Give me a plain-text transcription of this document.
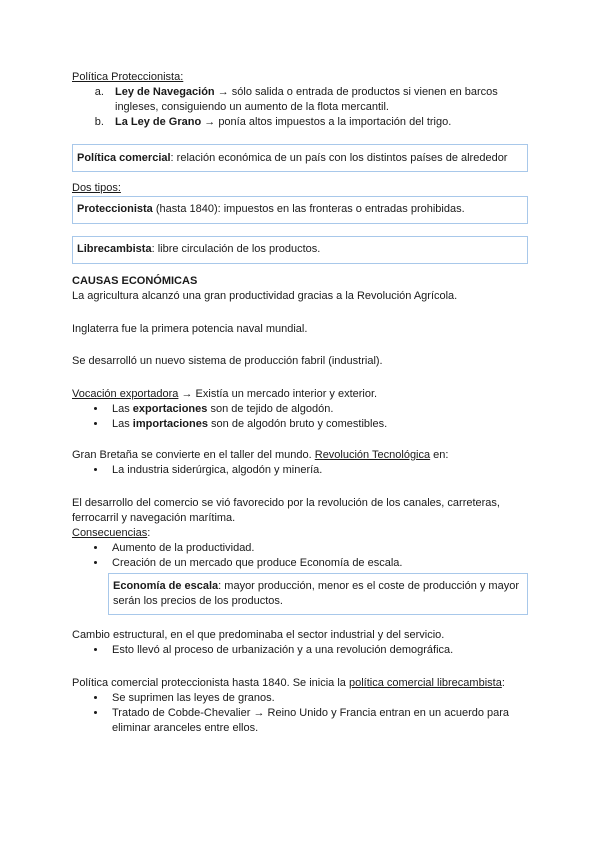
Política Proteccionista:

a. Ley de Navegación → sólo salida o entrada de productos si vienen en barcos ingleses, consiguiendo un aumento de la flota mercantil.
b. La Ley de Grano → ponía altos impuestos a la importación del trigo.
Política comercial: relación económica de un país con los distintos países de alrededor

Dos tipos:

Proteccionista (hasta 1840): impuestos en las fronteras o entradas prohibidas.
Librecambista: libre circulación de los productos.

CAUSAS ECONÓMICAS

La agricultura alcanzó una gran productividad gracias a la Revolución Agrícola.

Inglaterra fue la primera potencia naval mundial.

Se desarrolló un nuevo sistema de producción fabril (industrial).

Vocación exportadora → Existía un mercado interior y exterior.

• Las exportaciones son de tejido de algodón.
• Las importaciones son de algodón bruto y comestibles.

Gran Bretaña se convierte en el taller del mundo. Revolución Tecnológica en:

• La industria siderúrgica, algodón y minería.

El desarrollo del comercio se vió favorecido por la revolución de los canales, carreteras, ferrocarril y navegación marítima.

Consecuencias:

• Aumento de la productividad.
• Creación de un mercado que produce Economía de escala.
Economía de escala: mayor producción, menor es el coste de producción y mayor serán los precios de los productos.

Cambio estructural, en el que predominaba el sector industrial y del servicio.

• Esto llevó al proceso de urbanización y a una revolución demográfica.

Política comercial proteccionista hasta 1840. Se inicia la política comercial librecambista:

• Se suprimen las leyes de granos.
• Tratado de Cobde-Chevalier → Reino Unido y Francia entran en un acuerdo para eliminar aranceles entre ellos.
